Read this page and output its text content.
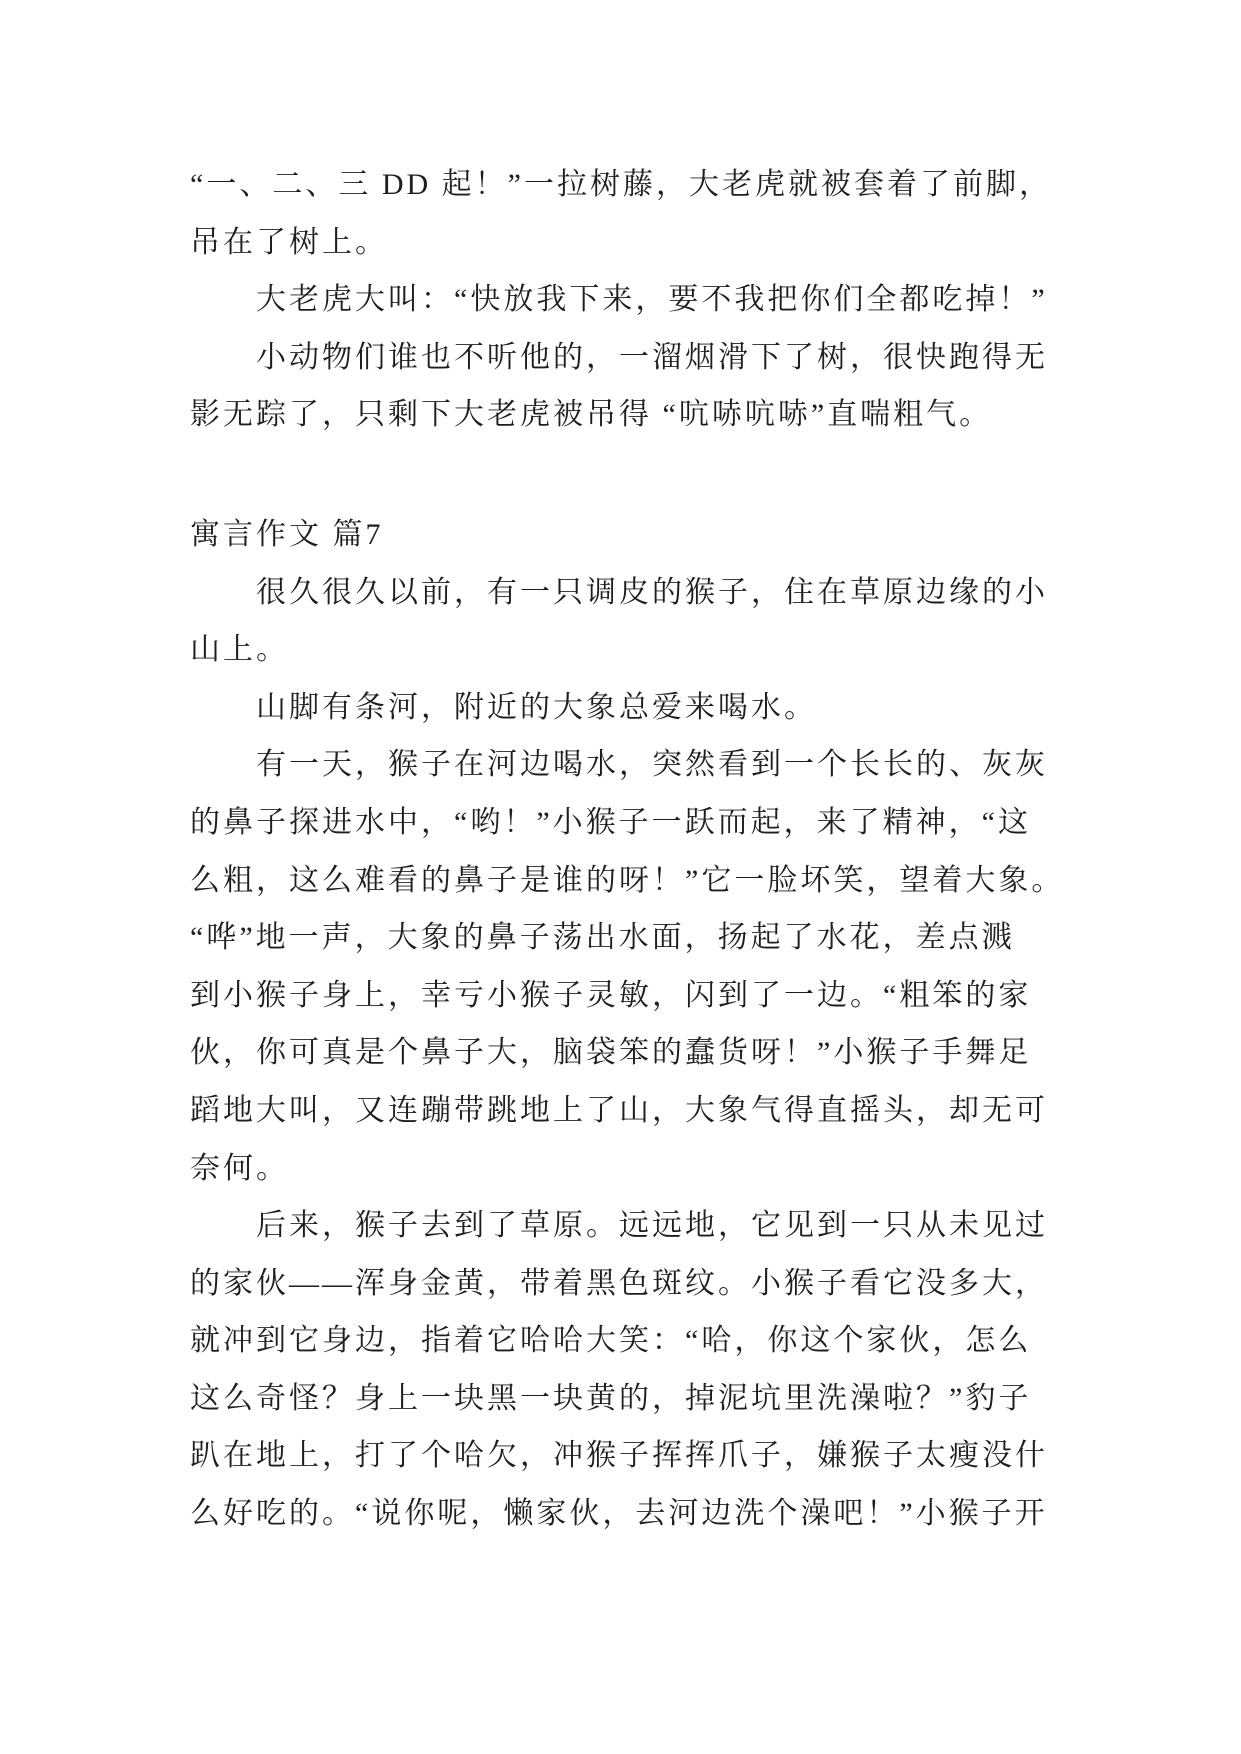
“一、二、三 DD 起！”一拉树藤，大老虎就被套着了前脚，
吊在了树上。
大老虎大叫：“快放我下来，要不我把你们全都吃掉！”
小动物们谁也不听他的，一溜烟滑下了树，很快跑得无
影无踪了，只剩下大老虎被吊得 “吭哧吭哧”直喘粗气。
寓言作文 篇7
很久很久以前，有一只调皮的猴子，住在草原边缘的小
山上。
山脚有条河，附近的大象总爱来喝水。
有一天，猴子在河边喝水，突然看到一个长长的、灰灰
的鼻子探进水中，“哟！”小猴子一跃而起，来了精神，“这
么粗，这么难看的鼻子是谁的呀！”它一脸坏笑，望着大象。
“哗”地一声，大象的鼻子荡出水面，扬起了水花，差点溅
到小猴子身上，幸亏小猴子灵敏，闪到了一边。“粗笨的家
伙，你可真是个鼻子大，脑袋笨的蠢货呀！”小猴子手舞足
蹈地大叫，又连蹦带跳地上了山，大象气得直摇头，却无可
奈何。
后来，猴子去到了草原。远远地，它见到一只从未见过
的家伙——浑身金黄，带着黑色斑纹。小猴子看它没多大，
就冲到它身边，指着它哈哈大笑：“哈，你这个家伙，怎么
这么奇怪？身上一块黑一块黄的，掉泥坑里洗澡啦？”豹子
趴在地上，打了个哈欠，冲猴子挥挥爪子，嫌猴子太瘦没什
么好吃的。“说你呢，懒家伙，去河边洗个澡吧！”小猴子开
